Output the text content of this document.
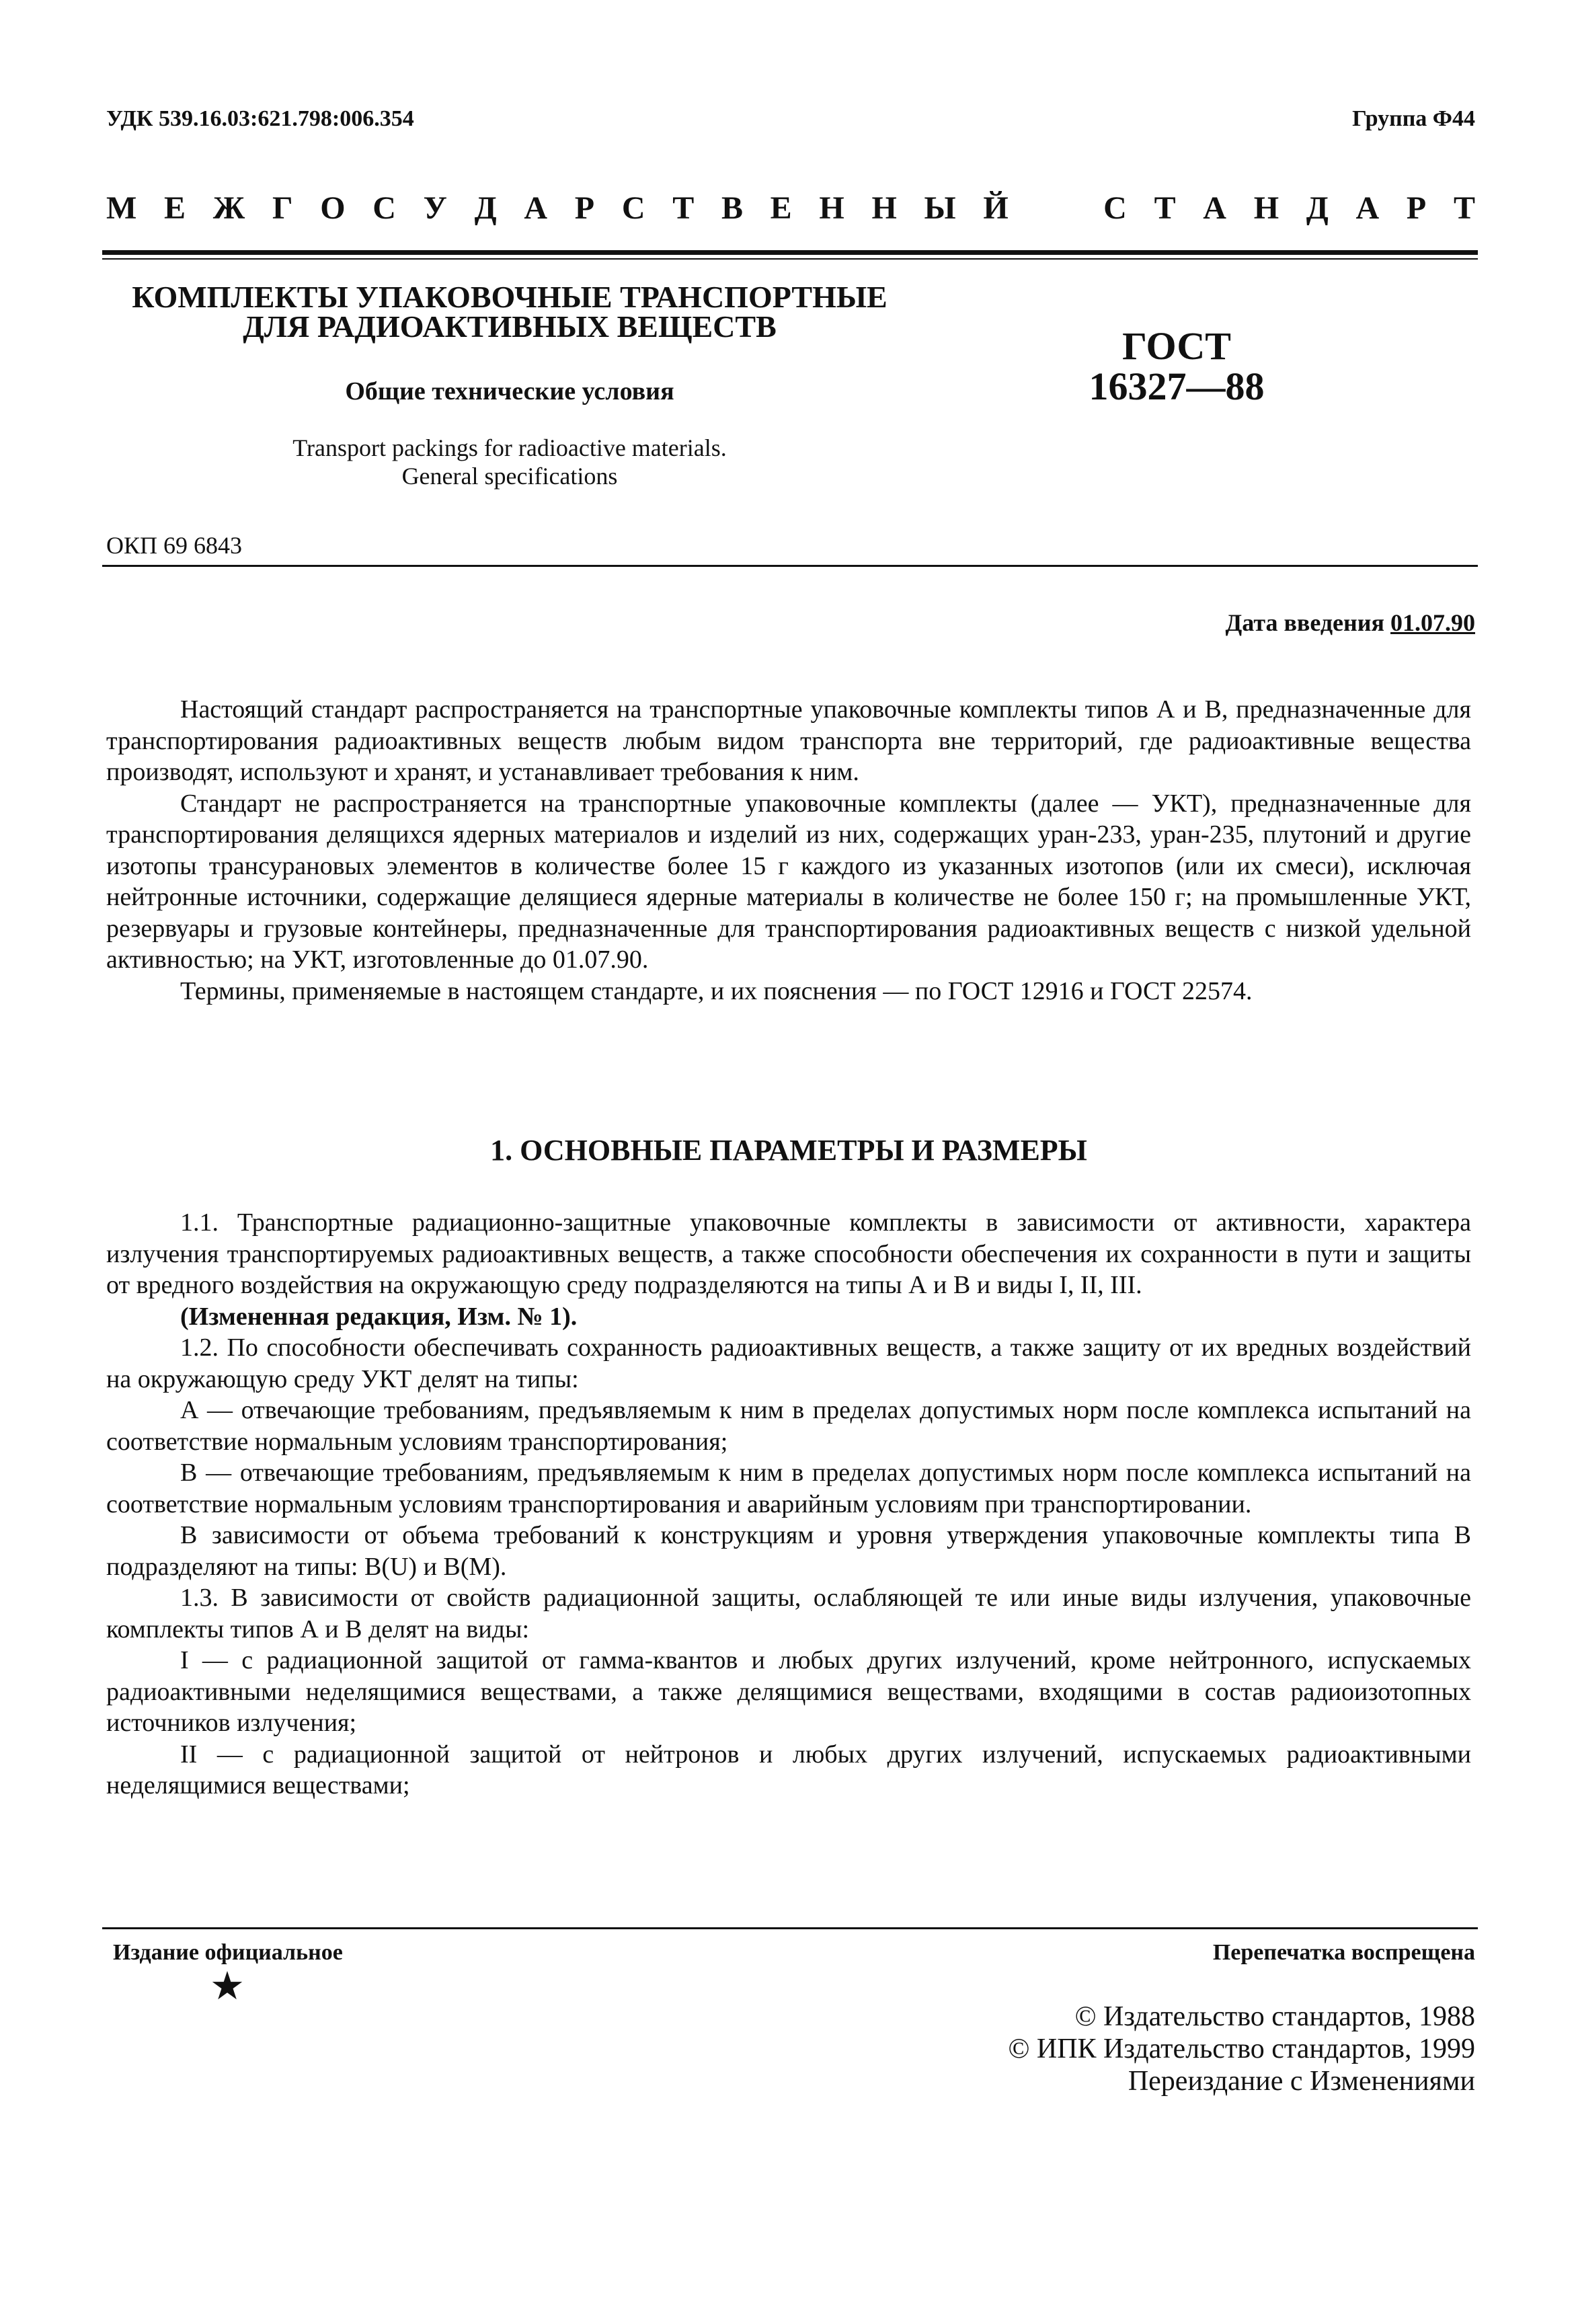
УДК 539.16.03:621.798:006.354	Группа Ф44
М Е Ж Г О С У Д А Р С Т В Е Н Н Ы Й	С Т А Н Д А Р Т
КОМПЛЕКТЫ УПАКОВОЧНЫЕ ТРАНСПОРТНЫЕ
ДЛЯ РАДИОАКТИВНЫХ ВЕЩЕСТВ
Общие технические условия
Transport packings for radioactive materials.
General specifications
ГОСТ
16327—88
ОКП 69 6843
Дата введения 01.07.90

Настоящий стандарт распространяется на транспортные упаковочные комплекты типов А и В, предназначенные для транспортирования радиоактивных веществ любым видом транспорта вне территорий, где радиоактивные вещества производят, используют и хранят, и устанавливает требования к ним.

Стандарт не распространяется на транспортные упаковочные комплекты (далее — УКТ), предназначенные для транспортирования делящихся ядерных материалов и изделий из них, содержащих уран-233, уран-235, плутоний и другие изотопы трансурановых элементов в количестве более 15 г каждого из указанных изотопов (или их смеси), исключая нейтронные источники, содержащие делящиеся ядерные материалы в количестве не более 150 г; на промышленные УКТ, резервуары и грузовые контейнеры, предназначенные для транспортирования радиоактивных веществ с низкой удельной активностью; на УКТ, изготовленные до 01.07.90.

Термины, применяемые в настоящем стандарте, и их пояснения — по ГОСТ 12916 и ГОСТ 22574.

1. ОСНОВНЫЕ ПАРАМЕТРЫ И РАЗМЕРЫ

1.1. Транспортные радиационно-защитные упаковочные комплекты в зависимости от активности, характера излучения транспортируемых радиоактивных веществ, а также способности обеспечения их сохранности в пути и защиты от вредного воздействия на окружающую среду подразделяются на типы А и В и виды I, II, III.

(Измененная редакция, Изм. № 1).

1.2. По способности обеспечивать сохранность радиоактивных веществ, а также защиту от их вредных воздействий на окружающую среду УКТ делят на типы:

А — отвечающие требованиям, предъявляемым к ним в пределах допустимых норм после комплекса испытаний на соответствие нормальным условиям транспортирования;

В — отвечающие требованиям, предъявляемым к ним в пределах допустимых норм после комплекса испытаний на соответствие нормальным условиям транспортирования и аварийным условиям при транспортировании.

В зависимости от объема требований к конструкциям и уровня утверждения упаковочные комплекты типа В подразделяют на типы: В(U) и В(М).

1.3. В зависимости от свойств радиационной защиты, ослабляющей те или иные виды излучения, упаковочные комплекты типов А и В делят на виды:

I — с радиационной защитой от гамма-квантов и любых других излучений, кроме нейтронного, испускаемых радиоактивными неделящимися веществами, а также делящимися веществами, входящими в состав радиоизотопных источников излучения;

II — с радиационной защитой от нейтронов и любых других излучений, испускаемых радиоактивными неделящимися веществами;

Издание официальное	Перепечатка воспрещена
★
© Издательство стандартов, 1988
© ИПК Издательство стандартов, 1999
Переиздание с Изменениями
